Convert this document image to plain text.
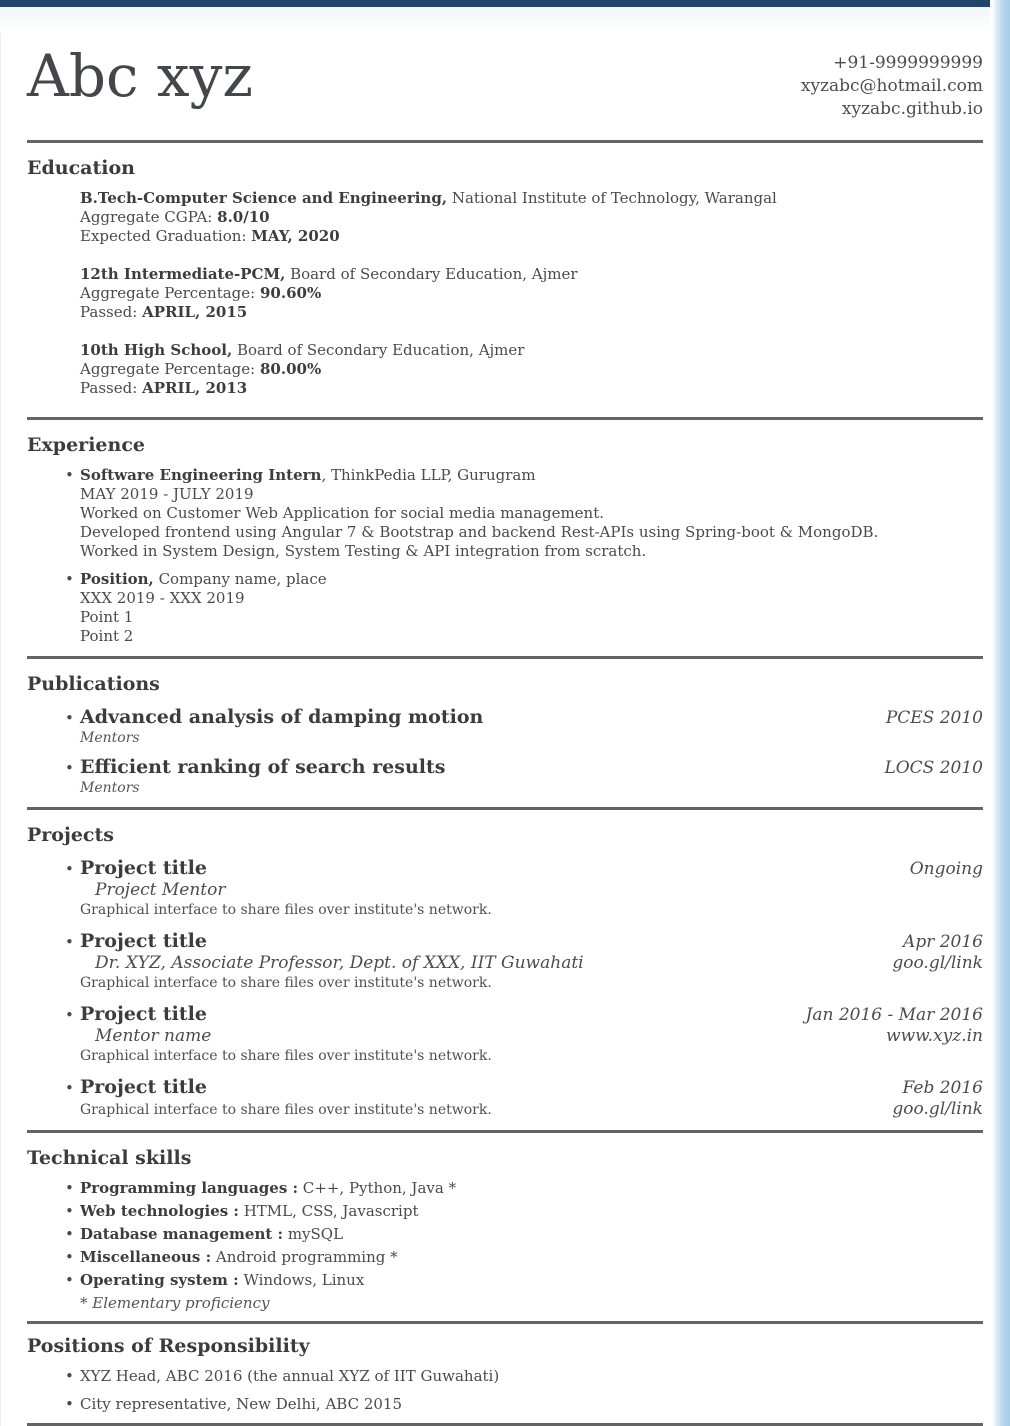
Abc xyz	+91-9999999999
xyzabc@hotmail.com
xyzabc.github.io
Education
B.Tech-Computer Science and Engineering, National Institute of Technology, Warangal
Aggregate CGPA: 8.0/10
Expected Graduation: MAY, 2020
12th Intermediate-PCM, Board of Secondary Education, Ajmer
Aggregate Percentage: 90.60%
Passed: APRIL, 2015
10th High School, Board of Secondary Education, Ajmer
Aggregate Percentage: 80.00%
Passed: APRIL, 2013
Experience
• Software Engineering Intern, ThinkPedia LLP, Gurugram
MAY 2019 - JULY 2019
Worked on Customer Web Application for social media management.
Developed frontend using Angular 7 & Bootstrap and backend Rest-APIs using Spring-boot & MongoDB.
Worked in System Design, System Testing & API integration from scratch.
• Position, Company name, place
XXX 2019 - XXX 2019
Point 1
Point 2
Publications
• Advanced analysis of damping motion	PCES 2010
Mentors
• Efficient ranking of search results	LOCS 2010
Mentors
Projects
• Project title	Ongoing
Project Mentor
Graphical interface to share files over institute's network.
• Project title	Apr 2016
Dr. XYZ, Associate Professor, Dept. of XXX, IIT Guwahati	goo.gl/link
Graphical interface to share files over institute's network.
• Project title	Jan 2016 - Mar 2016
Mentor name	www.xyz.in
Graphical interface to share files over institute's network.
• Project title	Feb 2016
Graphical interface to share files over institute's network.	goo.gl/link
Technical skills
• Programming languages : C++, Python, Java *
• Web technologies : HTML, CSS, Javascript
• Database management : mySQL
• Miscellaneous : Android programming *
• Operating system : Windows, Linux
* Elementary proficiency
Positions of Responsibility
• XYZ Head, ABC 2016 (the annual XYZ of IIT Guwahati)
• City representative, New Delhi, ABC 2015
